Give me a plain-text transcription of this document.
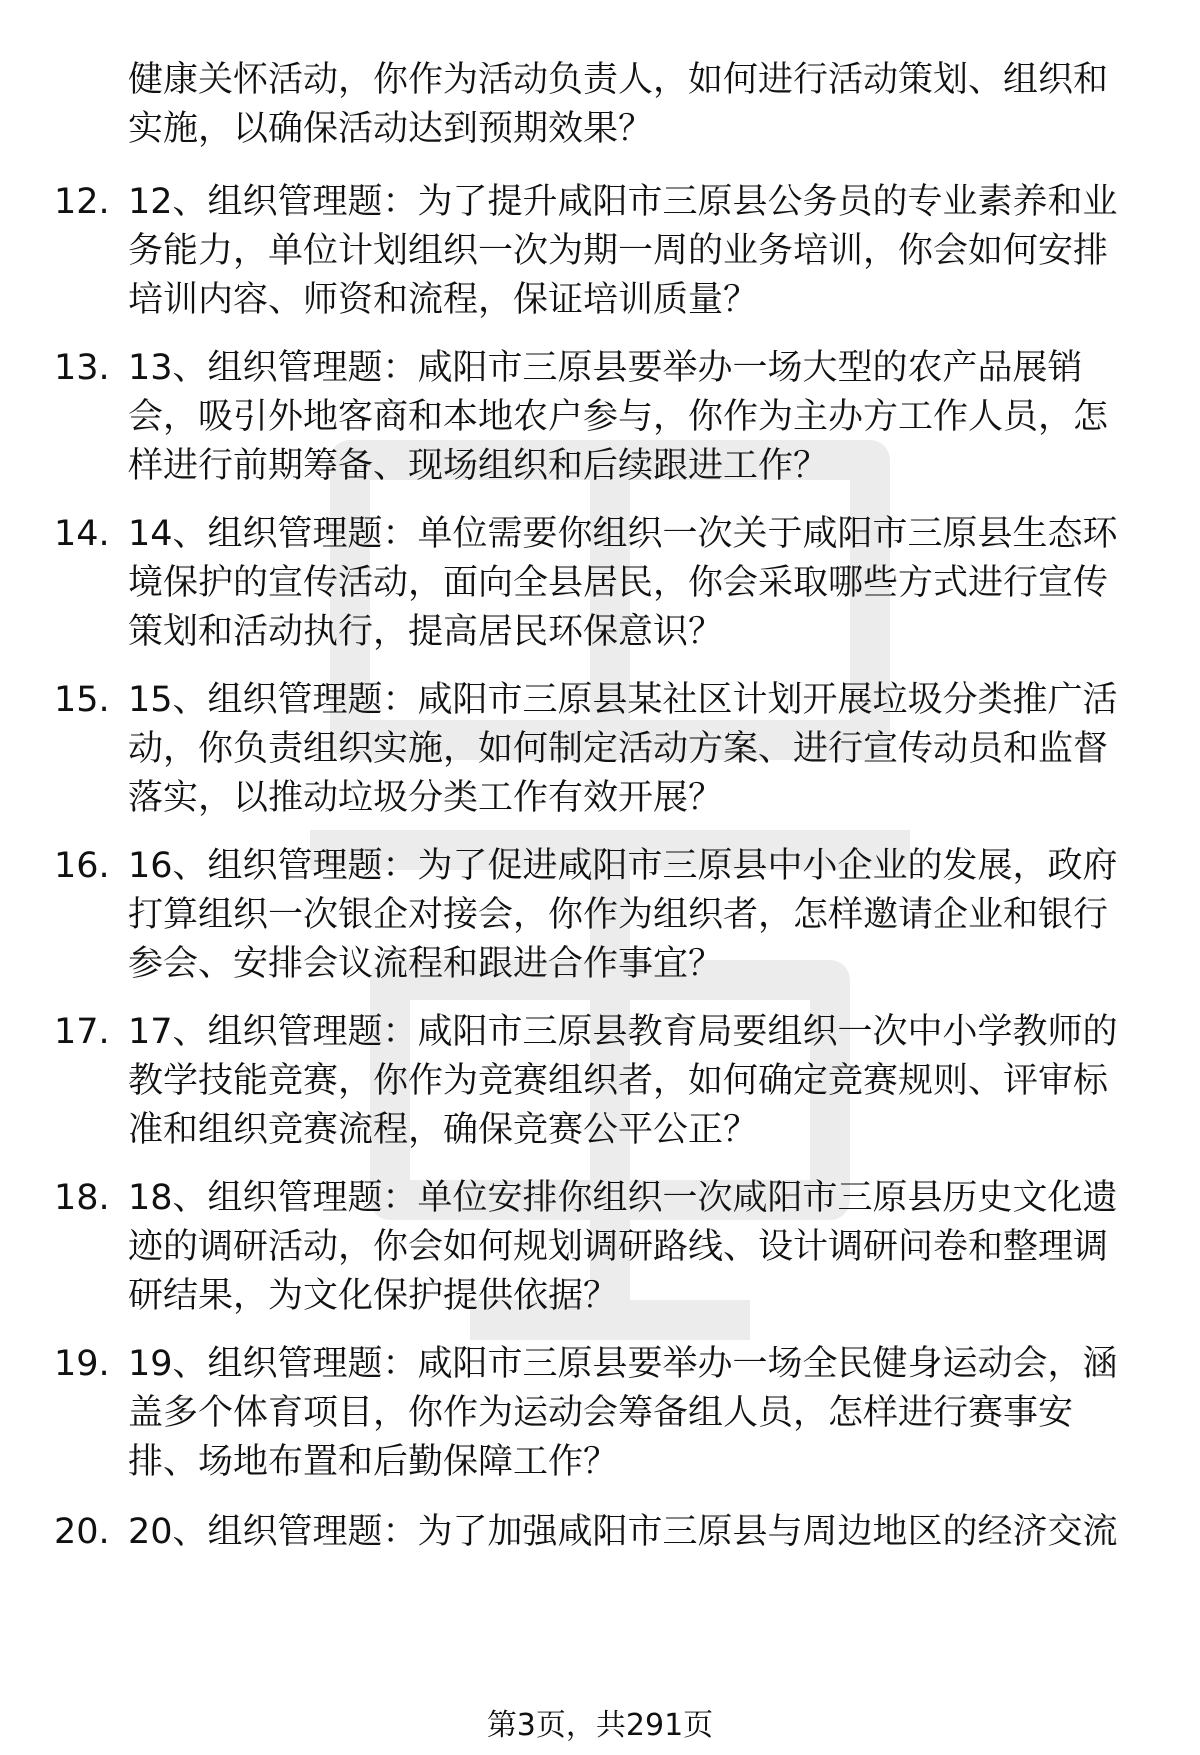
健康关怀活动，你作为活动负责人，如何进行活动策划、组织和
实施，以确保活动达到预期效果？
12. 12、组织管理题：为了提升咸阳市三原县公务员的专业素养和业
务能力，单位计划组织一次为期一周的业务培训，你会如何安排
培训内容、师资和流程，保证培训质量？
13. 13、组织管理题：咸阳市三原县要举办一场大型的农产品展销
会，吸引外地客商和本地农户参与，你作为主办方工作人员，怎
样进行前期筹备、现场组织和后续跟进工作？
14. 14、组织管理题：单位需要你组织一次关于咸阳市三原县生态环
境保护的宣传活动，面向全县居民，你会采取哪些方式进行宣传
策划和活动执行，提高居民环保意识？
15. 15、组织管理题：咸阳市三原县某社区计划开展垃圾分类推广活
动，你负责组织实施，如何制定活动方案、进行宣传动员和监督
落实，以推动垃圾分类工作有效开展？
16. 16、组织管理题：为了促进咸阳市三原县中小企业的发展，政府
打算组织一次银企对接会，你作为组织者，怎样邀请企业和银行
参会、安排会议流程和跟进合作事宜？
17. 17、组织管理题：咸阳市三原县教育局要组织一次中小学教师的
教学技能竞赛，你作为竞赛组织者，如何确定竞赛规则、评审标
准和组织竞赛流程，确保竞赛公平公正？
18. 18、组织管理题：单位安排你组织一次咸阳市三原县历史文化遗
迹的调研活动，你会如何规划调研路线、设计调研问卷和整理调
研结果，为文化保护提供依据？
19. 19、组织管理题：咸阳市三原县要举办一场全民健身运动会，涵
盖多个体育项目，你作为运动会筹备组人员，怎样进行赛事安
排、场地布置和后勤保障工作？
20. 20、组织管理题：为了加强咸阳市三原县与周边地区的经济交流
第3页，共291页
